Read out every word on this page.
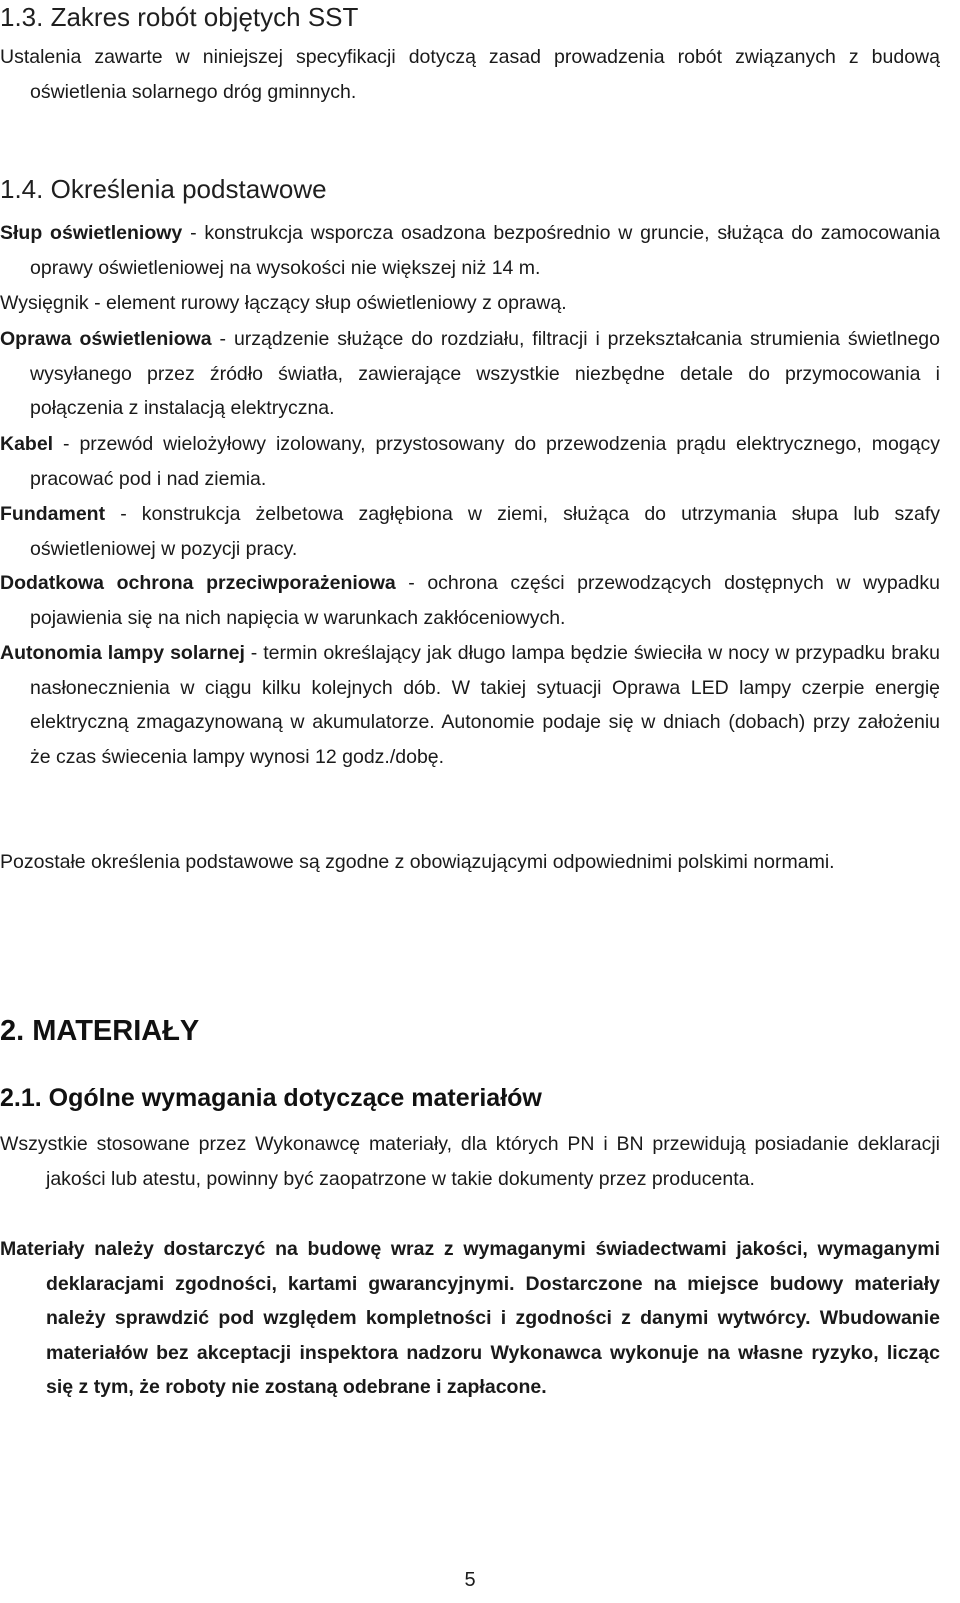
1.3. Zakres robót objętych SST

Ustalenia zawarte w niniejszej specyfikacji dotyczą zasad prowadzenia robót związanych z budową oświetlenia solarnego dróg gminnych.

1.4. Określenia podstawowe

Słup oświetleniowy - konstrukcja wsporcza osadzona bezpośrednio w gruncie, służąca do zamocowania oprawy oświetleniowej na wysokości nie większej niż 14 m.

Wysięgnik - element rurowy łączący słup oświetleniowy z oprawą.

Oprawa oświetleniowa - urządzenie służące do rozdziału, filtracji i przekształcania strumienia świetlnego wysyłanego przez źródło światła, zawierające wszystkie niezbędne detale do przymocowania i połączenia z instalacją elektryczna.

Kabel - przewód wielożyłowy izolowany, przystosowany do przewodzenia prądu elektrycznego, mogący pracować pod i nad ziemia.

Fundament - konstrukcja żelbetowa zagłębiona w ziemi, służąca do utrzymania słupa lub szafy oświetleniowej w pozycji pracy.

Dodatkowa ochrona przeciwporażeniowa - ochrona części przewodzących dostępnych w wypadku pojawienia się na nich napięcia w warunkach zakłóceniowych.

Autonomia lampy solarnej - termin określający jak długo lampa będzie świeciła w nocy w przypadku braku nasłonecznienia w ciągu kilku kolejnych dób. W takiej sytuacji Oprawa LED lampy czerpie energię elektryczną zmagazynowaną w akumulatorze. Autonomie podaje się w dniach (dobach) przy założeniu że czas świecenia lampy wynosi 12 godz./dobę.

Pozostałe określenia podstawowe są zgodne z obowiązującymi odpowiednimi polskimi normami.

2. MATERIAŁY
2.1. Ogólne wymagania dotyczące materiałów

Wszystkie stosowane przez Wykonawcę materiały, dla których PN i BN przewidują posiadanie deklaracji jakości lub atestu, powinny być zaopatrzone w takie dokumenty przez producenta.

Materiały należy dostarczyć na budowę wraz z wymaganymi świadectwami jakości, wymaganymi deklaracjami zgodności, kartami gwarancyjnymi. Dostarczone na miejsce budowy materiały należy sprawdzić pod względem kompletności i zgodności z danymi wytwórcy. Wbudowanie materiałów bez akceptacji inspektora nadzoru Wykonawca wykonuje na własne ryzyko, licząc się z tym, że roboty nie zostaną odebrane i zapłacone.

5
